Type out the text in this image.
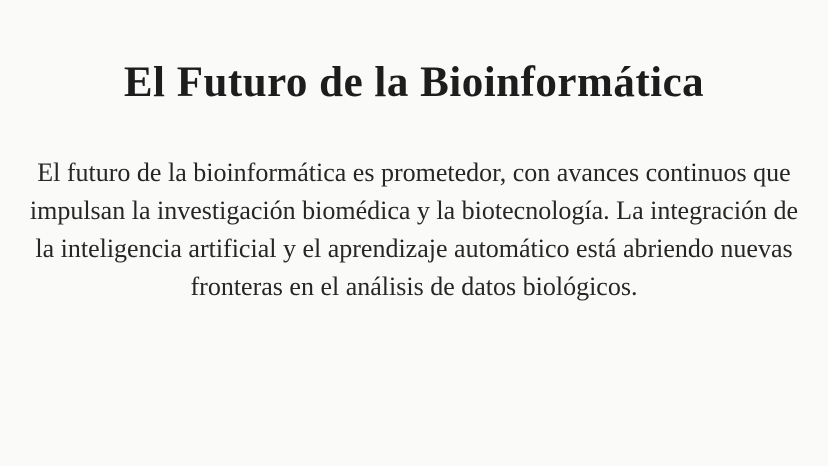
El Futuro de la Bioinformática

El futuro de la bioinformática es prometedor, con avances continuos que impulsan la investigación biomédica y la biotecnología. La integración de la inteligencia artificial y el aprendizaje automático está abriendo nuevas fronteras en el análisis de datos biológicos.
